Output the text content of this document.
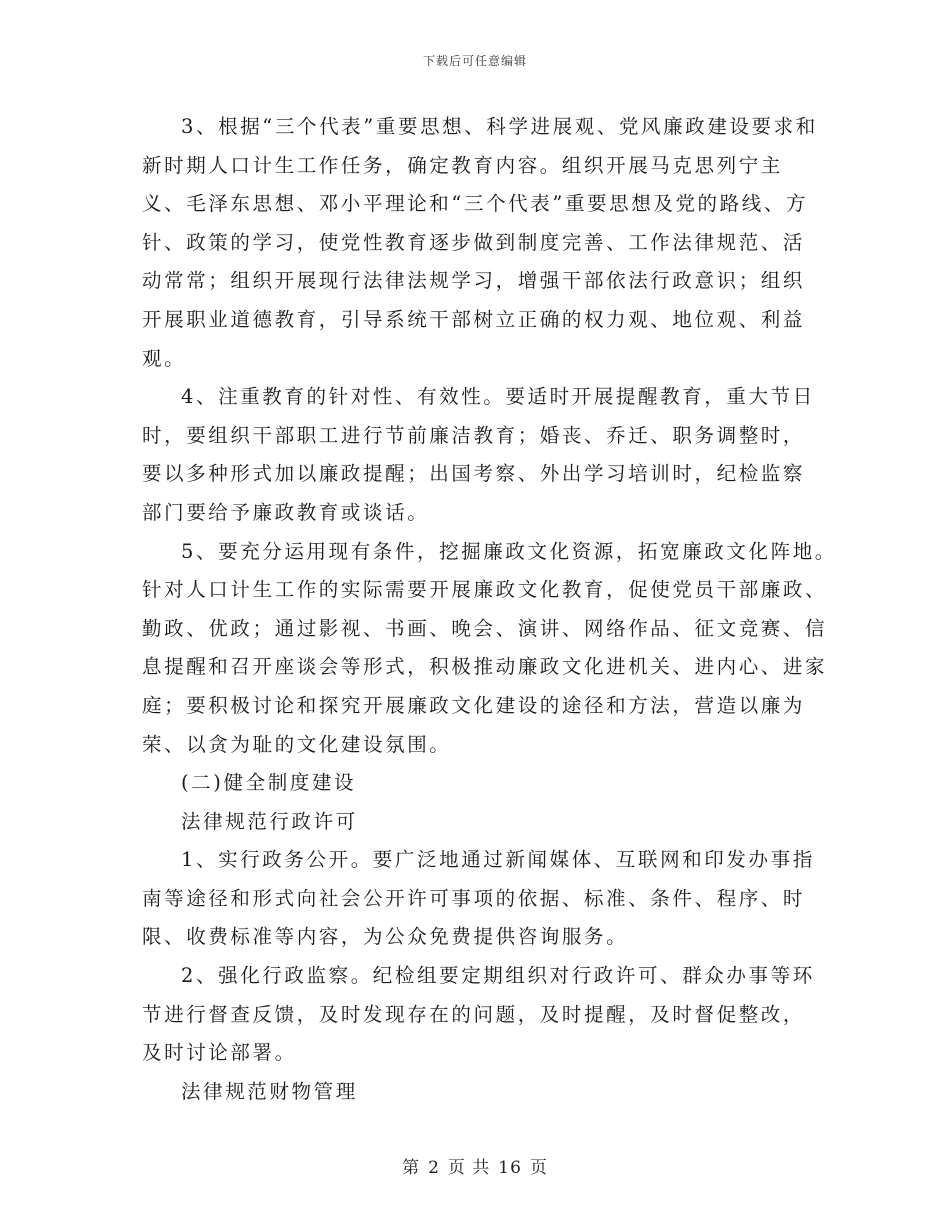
下载后可任意编辑

3、根据“三个代表”重要思想、科学进展观、党风廉政建设要求和新时期人口计生工作任务，确定教育内容。组织开展马克思列宁主义、毛泽东思想、邓小平理论和“三个代表”重要思想及党的路线、方针、政策的学习，使党性教育逐步做到制度完善、工作法律规范、活动常常；组织开展现行法律法规学习，增强干部依法行政意识；组织开展职业道德教育，引导系统干部树立正确的权力观、地位观、利益观。

4、注重教育的针对性、有效性。要适时开展提醒教育，重大节日时，要组织干部职工进行节前廉洁教育；婚丧、乔迁、职务调整时，要以多种形式加以廉政提醒；出国考察、外出学习培训时，纪检监察部门要给予廉政教育或谈话。

5、要充分运用现有条件，挖掘廉政文化资源，拓宽廉政文化阵地。针对人口计生工作的实际需要开展廉政文化教育，促使党员干部廉政、勤政、优政；通过影视、书画、晚会、演讲、网络作品、征文竞赛、信息提醒和召开座谈会等形式，积极推动廉政文化进机关、进内心、进家庭；要积极讨论和探究开展廉政文化建设的途径和方法，营造以廉为荣、以贪为耻的文化建设氛围。

(二)健全制度建设

法律规范行政许可

1、实行政务公开。要广泛地通过新闻媒体、互联网和印发办事指南等途径和形式向社会公开许可事项的依据、标准、条件、程序、时限、收费标准等内容，为公众免费提供咨询服务。

2、强化行政监察。纪检组要定期组织对行政许可、群众办事等环节进行督查反馈，及时发现存在的问题，及时提醒，及时督促整改，及时讨论部署。

法律规范财物管理

第 2 页 共 16 页
